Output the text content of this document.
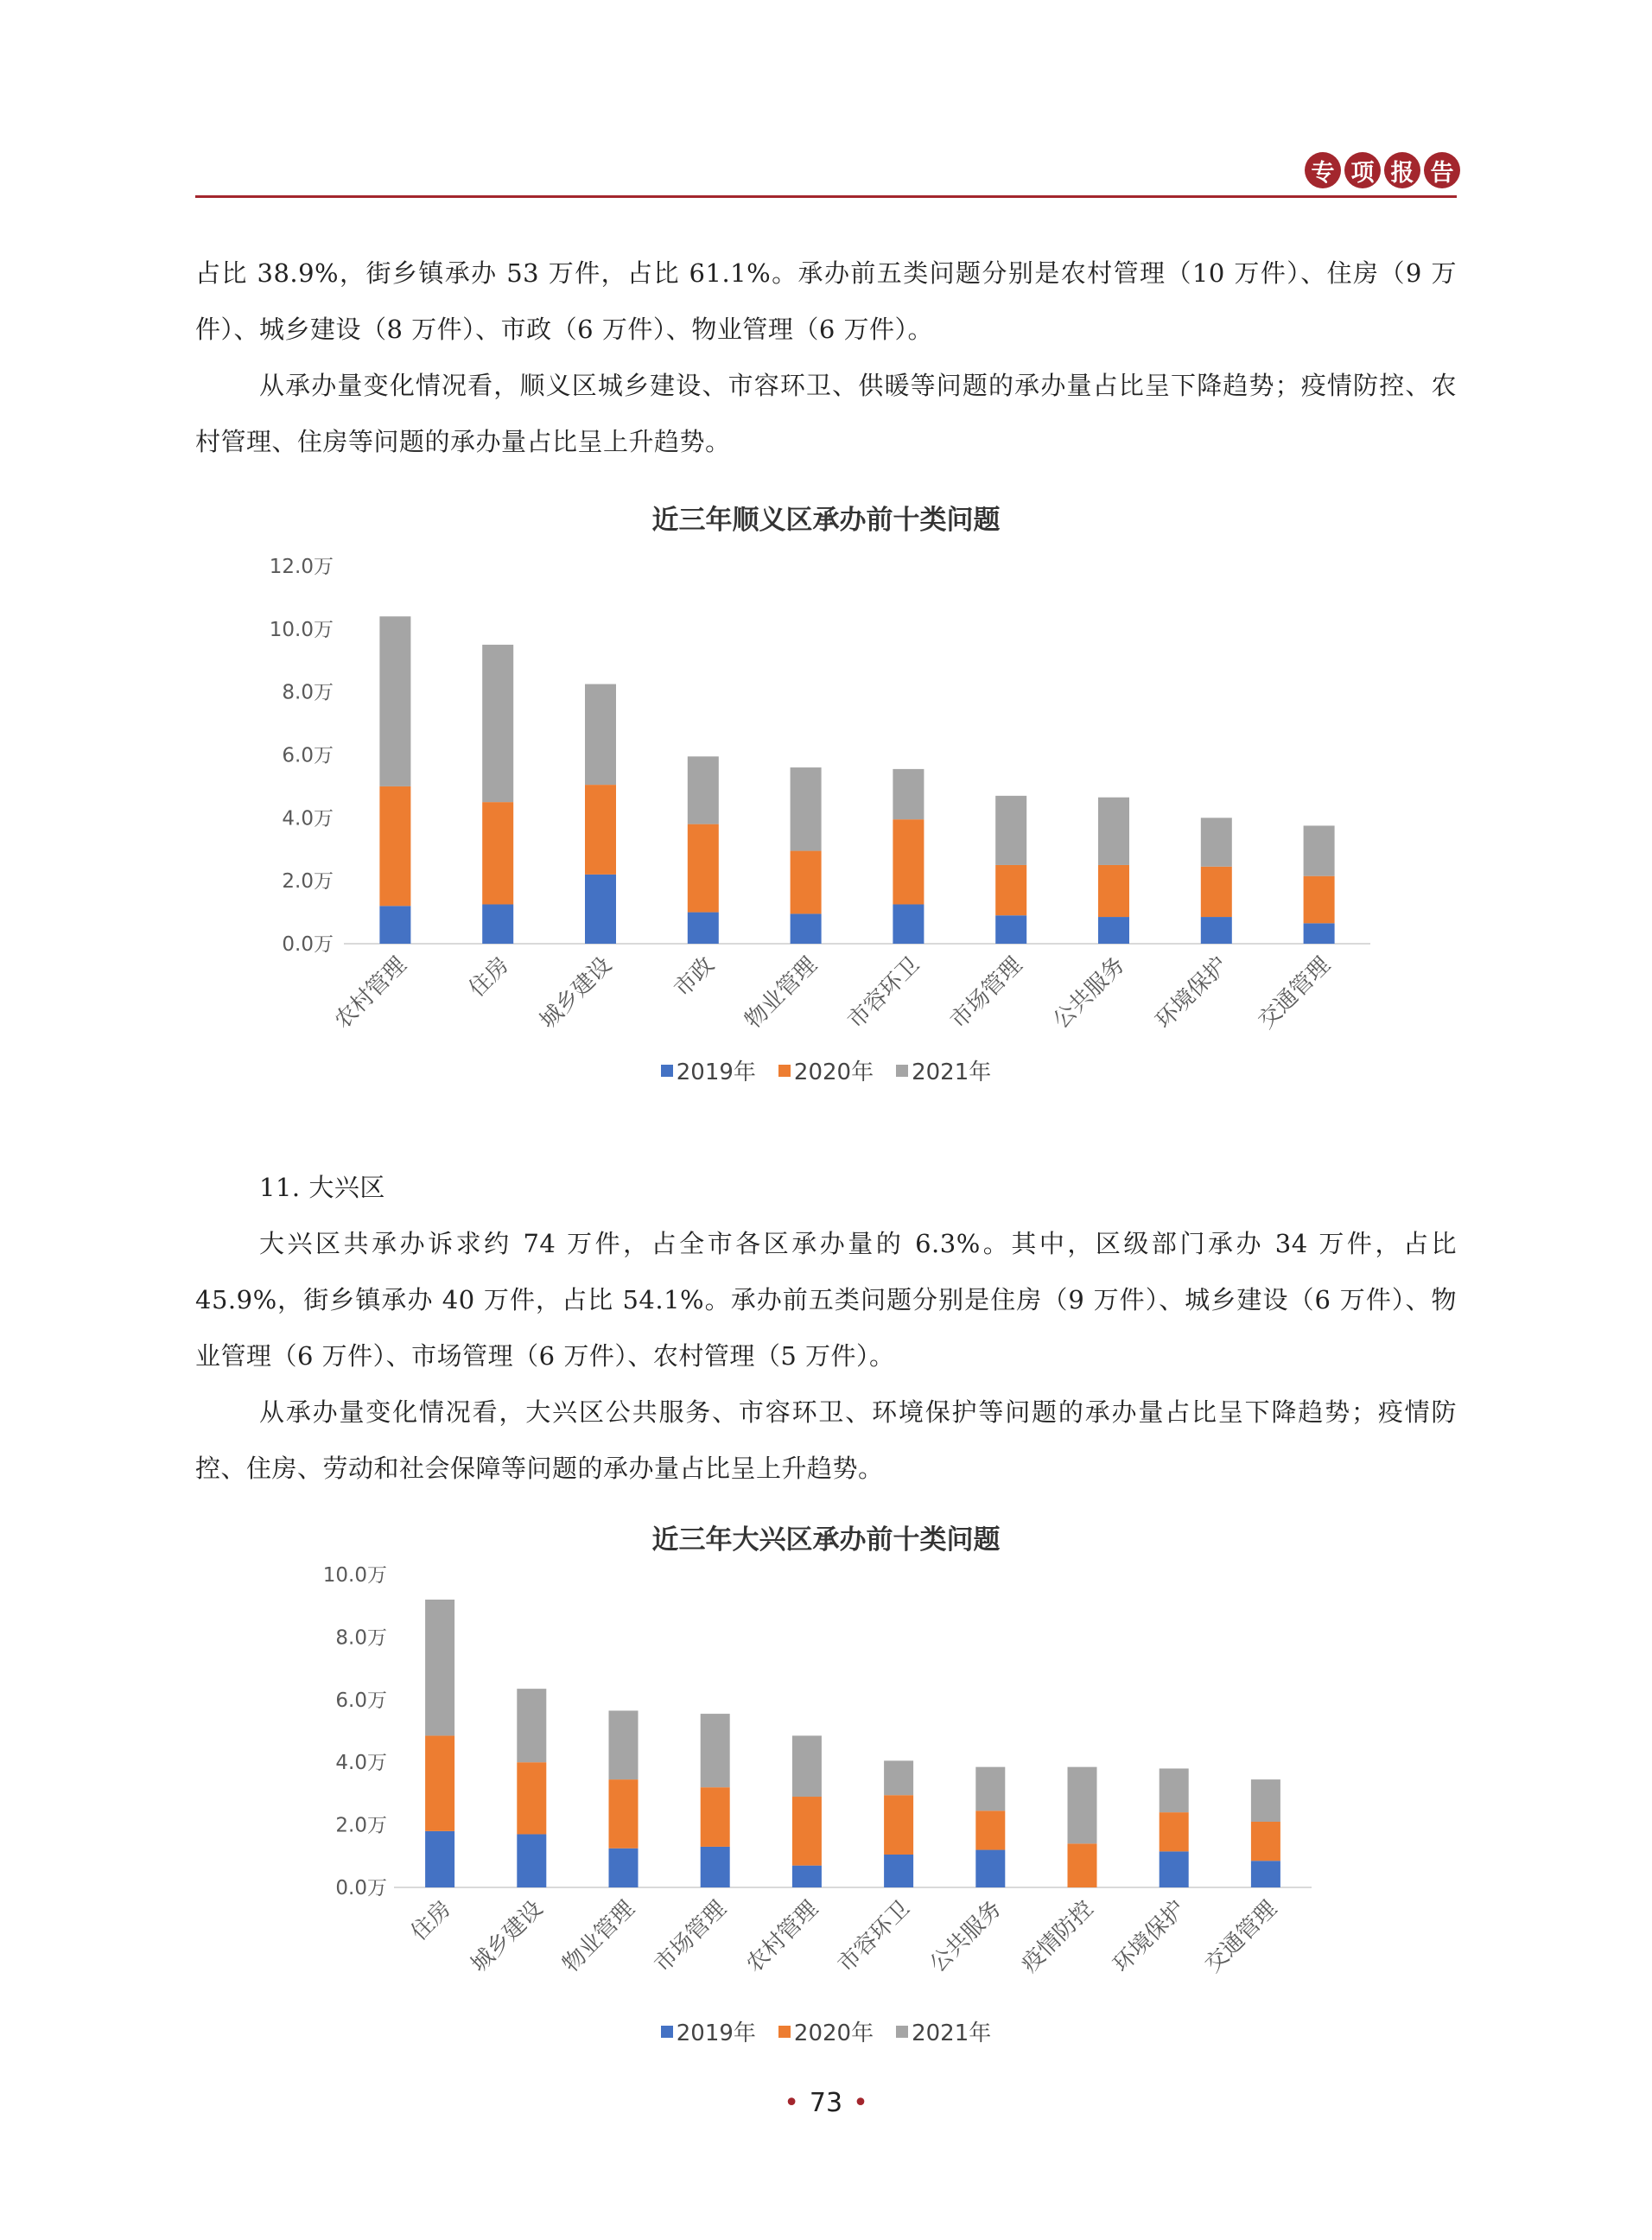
专 项 报 告

占比 38.9%，街乡镇承办 53 万件，占比 61.1%。承办前五类问题分别是农村管理（10 万件）、住房（9 万件）、城乡建设（8 万件）、市政（6 万件）、物业管理（6 万件）。

从承办量变化情况看，顺义区城乡建设、市容环卫、供暖等问题的承办量占比呈下降趋势；疫情防控、农村管理、住房等问题的承办量占比呈上升趋势。

近三年顺义区承办前十类问题
0.0万
2.0万
4.0万
6.0万
8.0万
10.0万
12.0万
农村管理 住房 城乡建设 市政 物业管理 市容环卫 市场管理 公共服务 环境保护 交通管理
2019年 2020年 2021年

11. 大兴区

大兴区共承办诉求约 74 万件，占全市各区承办量的 6.3%。其中，区级部门承办 34 万件，占比 45.9%，街乡镇承办 40 万件，占比 54.1%。承办前五类问题分别是住房（9 万件）、城乡建设（6 万件）、物业管理（6 万件）、市场管理（6 万件）、农村管理（5 万件）。

从承办量变化情况看，大兴区公共服务、市容环卫、环境保护等问题的承办量占比呈下降趋势；疫情防控、住房、劳动和社会保障等问题的承办量占比呈上升趋势。

近三年大兴区承办前十类问题
0.0万
2.0万
4.0万
6.0万
8.0万
10.0万
住房 城乡建设 物业管理 市场管理 农村管理 市容环卫 公共服务 疫情防控 环境保护 交通管理
2019年 2020年 2021年
• 73 •
